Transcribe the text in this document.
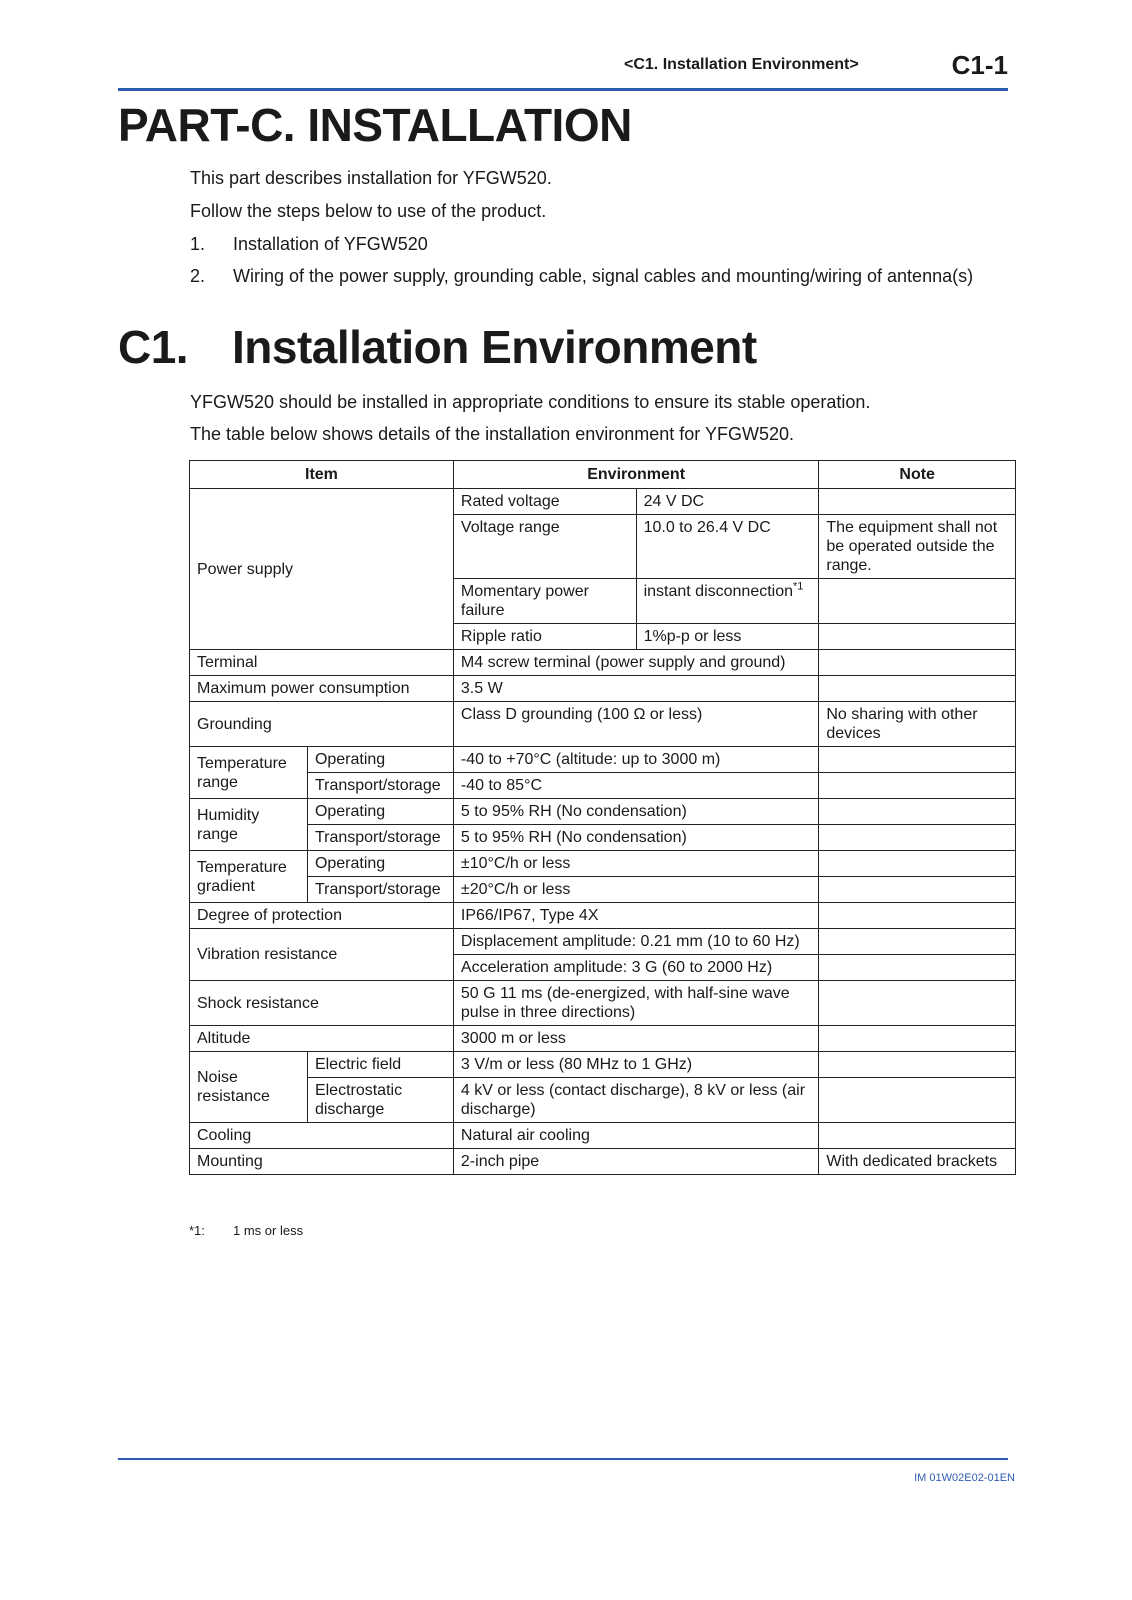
<C1. Installation Environment>	C1-1
PART-C. INSTALLATION

This part describes installation for YFGW520.

Follow the steps below to use of the product.

1.	Installation of YFGW520
2.	Wiring of the power supply, grounding cable, signal cables and mounting/wiring of antenna(s)
C1. Installation Environment

YFGW520 should be installed in appropriate conditions to ensure its stable operation.

The table below shows details of the installation environment for YFGW520.

Item		Environment		Note
Power supply		Rated voltage	24 V DC	
		Voltage range	10.0 to 26.4 V DC	The equipment shall not be operated outside the range.
		Momentary power failure	instant disconnection$^{*1}$	
		Ripple ratio	1%p-p or less	
Terminal		M4 screw terminal (power supply and ground)		
Maximum power consumption		3.5 W		
Grounding		Class D grounding (100 Ω or less)		No sharing with other devices
Temperature range	Operating	-40 to +70°C (altitude: up to 3000 m)		
	Transport/storage	-40 to 85°C		
Humidity range	Operating	5 to 95% RH (No condensation)		
	Transport/storage	5 to 95% RH (No condensation)		
Temperature gradient	Operating	±10°C/h or less		
	Transport/storage	±20°C/h or less		
Degree of protection		IP66/IP67, Type 4X		
Vibration resistance		Displacement amplitude: 0.21 mm (10 to 60 Hz)		
		Acceleration amplitude: 3 G (60 to 2000 Hz)		
Shock resistance		50 G 11 ms (de-energized, with half-sine wave pulse in three directions)		
Altitude		3000 m or less		
Noise resistance	Electric field	3 V/m or less (80 MHz to 1 GHz)		
	Electrostatic discharge	4 kV or less (contact discharge), 8 kV or less (air discharge)		
Cooling		Natural air cooling		
Mounting		2-inch pipe		With dedicated brackets
*1: 1 ms or less
IM 01W02E02-01EN
